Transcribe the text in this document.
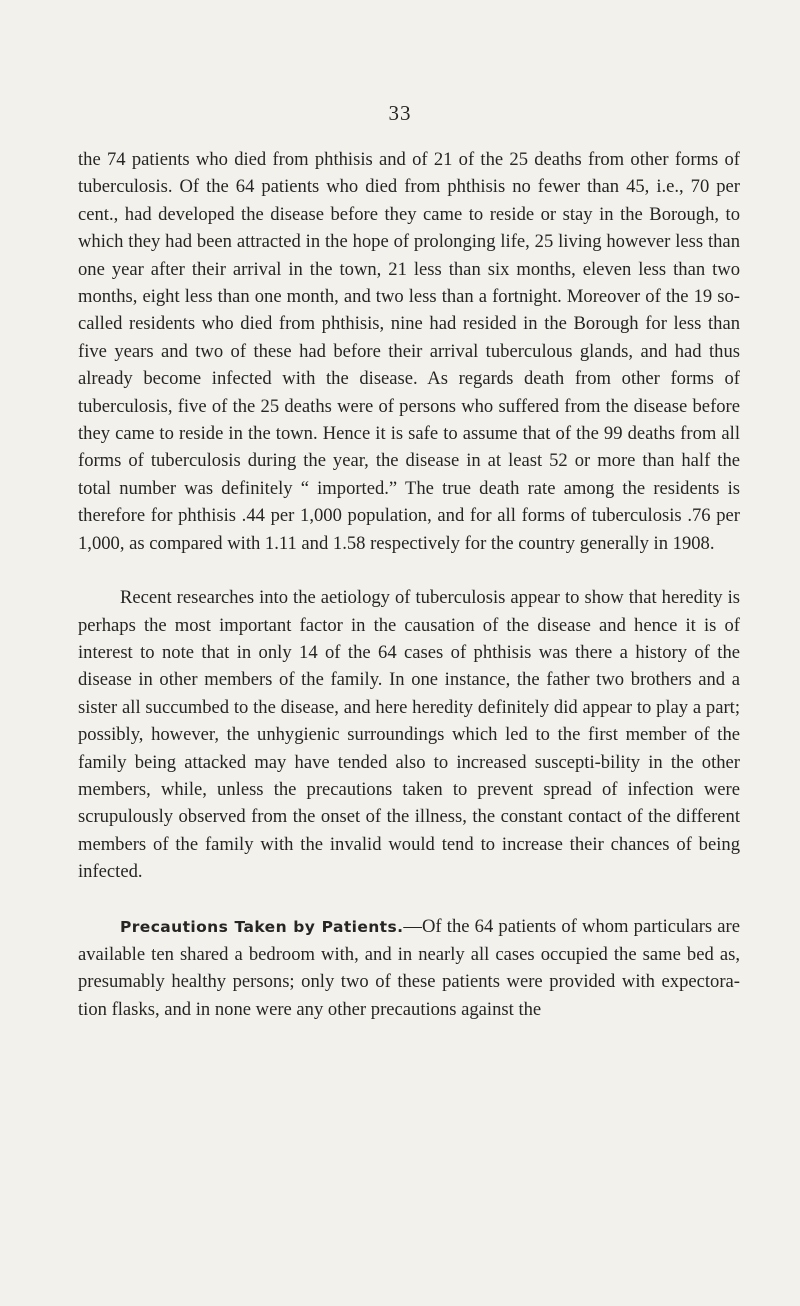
33

the 74 patients who died from phthisis and of 21 of the 25 deaths from other forms of tuberculosis. Of the 64 patients who died from phthisis no fewer than 45, i.e., 70 per cent., had developed the disease before they came to reside or stay in the Borough, to which they had been attracted in the hope of prolonging life, 25 living however less than one year after their arrival in the town, 21 less than six months, eleven less than two months, eight less than one month, and two less than a fortnight. Moreover of the 19 so-called residents who died from phthisis, nine had resided in the Borough for less than five years and two of these had before their arrival tuberculous glands, and had thus already become infected with the disease. As regards death from other forms of tuberculosis, five of the 25 deaths were of persons who suffered from the disease before they came to reside in the town. Hence it is safe to assume that of the 99 deaths from all forms of tuberculosis during the year, the disease in at least 52 or more than half the total number was definitely “ imported.” The true death rate among the residents is therefore for phthisis .44 per 1,000 population, and for all forms of tuberculosis .76 per 1,000, as compared with 1.11 and 1.58 respectively for the country generally in 1908.

Recent researches into the aetiology of tuberculosis appear to show that heredity is perhaps the most important factor in the causation of the disease and hence it is of interest to note that in only 14 of the 64 cases of phthisis was there a history of the disease in other members of the family. In one instance, the father two brothers and a sister all succumbed to the disease, and here heredity definitely did appear to play a part; possibly, however, the unhygienic surroundings which led to the first member of the family being attacked may have tended also to increased suscepti-bility in the other members, while, unless the precautions taken to prevent spread of infection were scrupulously observed from the onset of the illness, the constant contact of the different members of the family with the invalid would tend to increase their chances of being infected.

Precautions Taken by Patients.—Of the 64 patients of whom particulars are available ten shared a bedroom with, and in nearly all cases occupied the same bed as, presumably healthy persons; only two of these patients were provided with expectora-tion flasks, and in none were any other precautions against the
